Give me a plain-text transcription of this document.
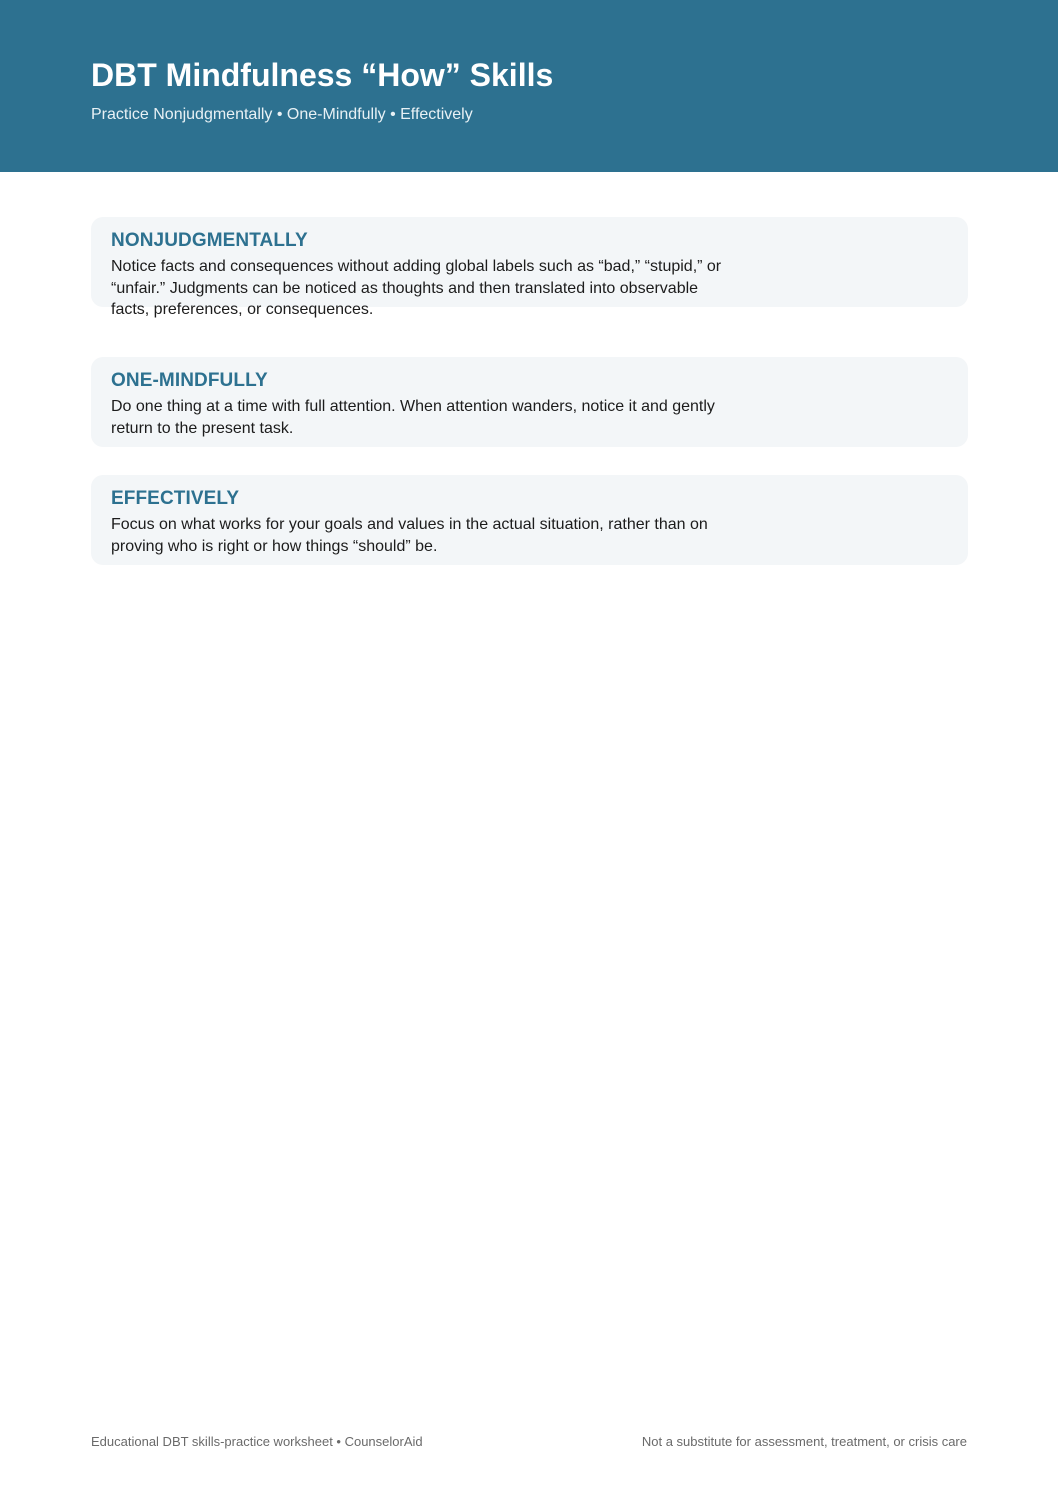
DBT Mindfulness “How” Skills
Practice Nonjudgmentally • One-Mindfully • Effectively
NONJUDGMENTALLY
Notice facts and consequences without adding global labels such as “bad,” “stupid,” or
“unfair.” Judgments can be noticed as thoughts and then translated into observable
facts, preferences, or consequences.
ONE-MINDFULLY
Do one thing at a time with full attention. When attention wanders, notice it and gently
return to the present task.
EFFECTIVELY
Focus on what works for your goals and values in the actual situation, rather than on
proving who is right or how things “should” be.
Educational DBT skills-practice worksheet • CounselorAid	Not a substitute for assessment, treatment, or crisis care
